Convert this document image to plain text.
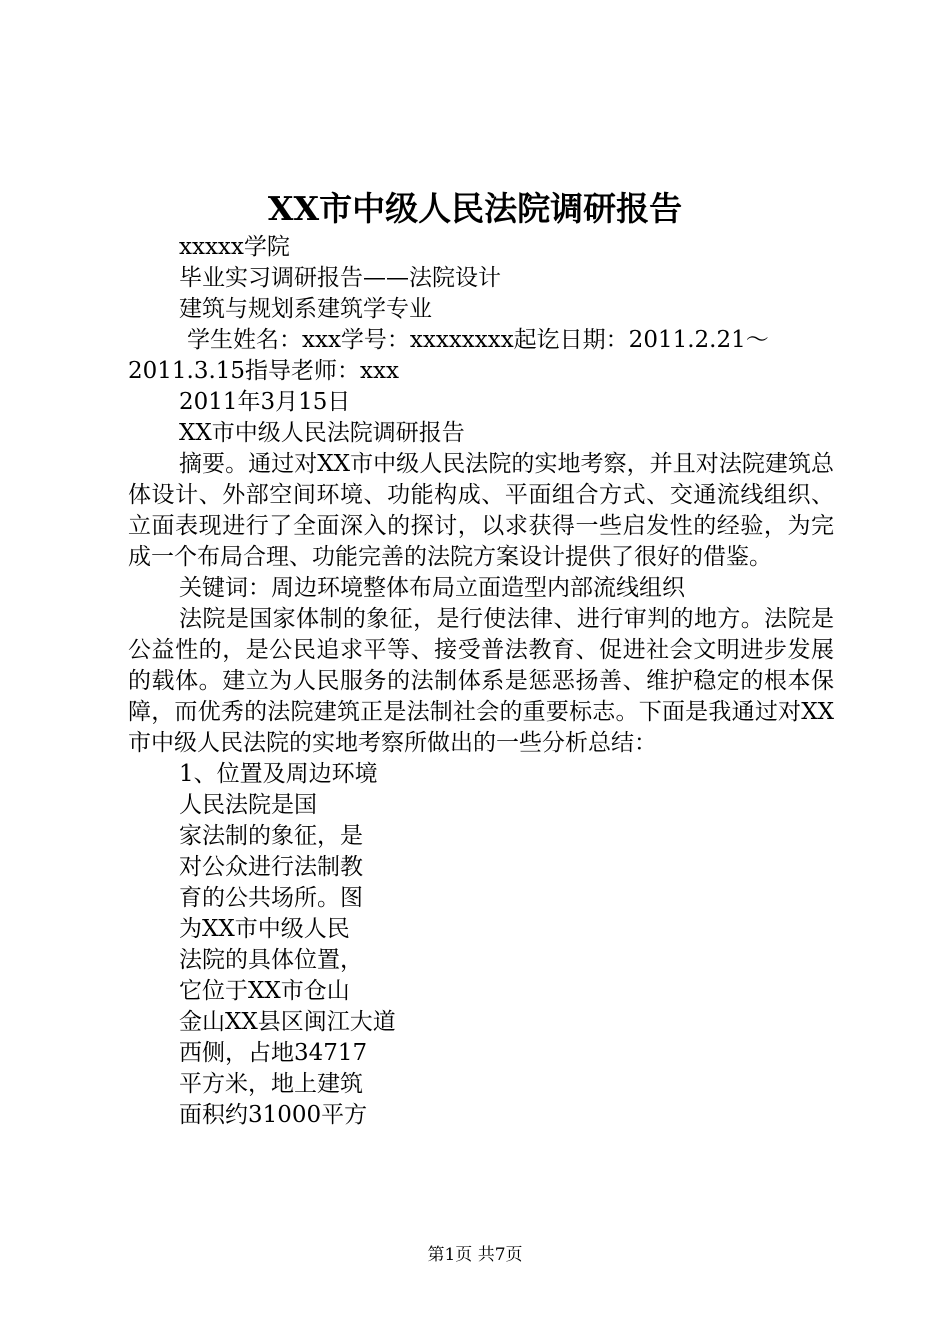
XX市中级人民法院调研报告
xxxxx学院
毕业实习调研报告——法院设计
建筑与规划系建筑学专业
学生姓名：xxx学号：xxxxxxxx起讫日期：2011.2.21～
2011.3.15指导老师：xxx
2011年3月15日
XX市中级人民法院调研报告
摘要。通过对XX市中级人民法院的实地考察，并且对法院建筑总体设计、外部空间环境、功能构成、平面组合方式、交通流线组织、立面表现进行了全面深入的探讨，以求获得一些启发性的经验，为完成一个布局合理、功能完善的法院方案设计提供了很好的借鉴。
关键词：周边环境整体布局立面造型内部流线组织
法院是国家体制的象征，是行使法律、进行审判的地方。法院是公益性的，是公民追求平等、接受普法教育、促进社会文明进步发展的载体。建立为人民服务的法制体系是惩恶扬善、维护稳定的根本保障，而优秀的法院建筑正是法制社会的重要标志。下面是我通过对XX市中级人民法院的实地考察所做出的一些分析总结：
1、位置及周边环境
人民法院是国
家法制的象征，是
对公众进行法制教
育的公共场所。图
为XX市中级人民
法院的具体位置，
它位于XX市仓山
金山XX县区闽江大道
西侧，占地34717
平方米，地上建筑
面积约31000平方
第1页 共7页
